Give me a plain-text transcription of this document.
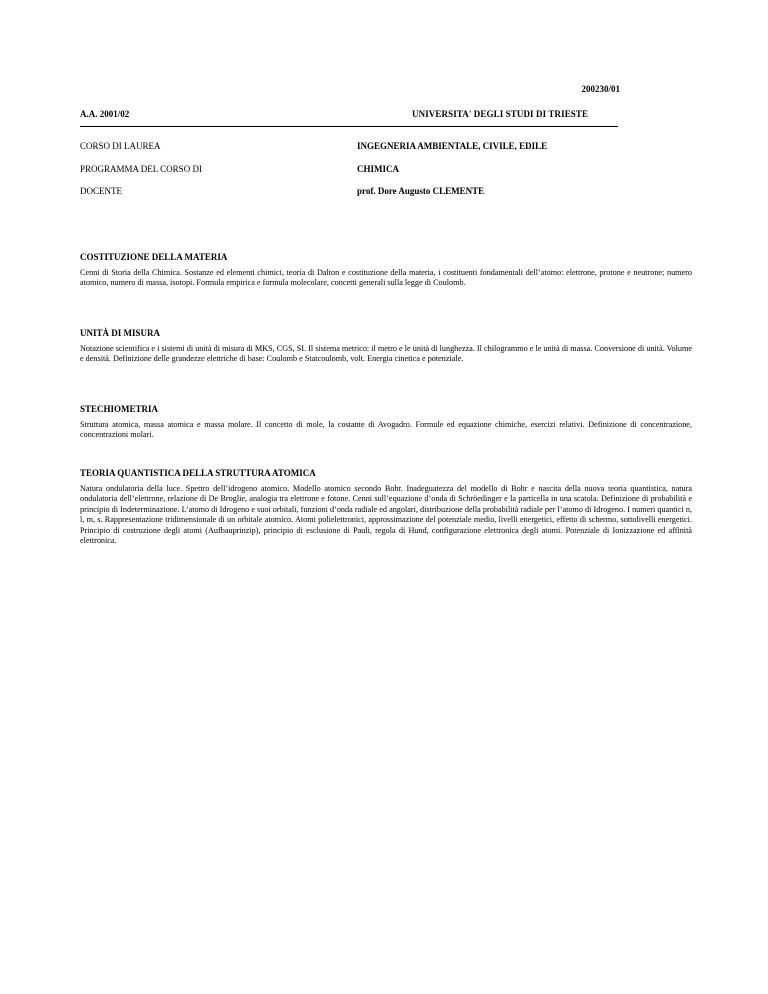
200230/01
A.A. 2001/02	UNIVERSITA' DEGLI STUDI DI TRIESTE
CORSO DI LAUREA	INGEGNERIA AMBIENTALE, CIVILE, EDILE
PROGRAMMA DEL CORSO DI	CHIMICA
DOCENTE	prof. Dore Augusto CLEMENTE
COSTITUZIONE DELLA MATERIA

Cenni di Storia della Chimica. Sostanze ed elementi chimici, teoria di Dalton e costituzione della materia, i costituenti fondamentali dell’atomo: elettrone, protone e neutrone; numero atomico, numero di massa, isotopi. Formula empirica e formula molecolare, concetti generali sulla legge di Coulomb.

UNITÀ DI MISURA

Notazione scientifica e i sistemi di unità di misura di MKS, CGS, SI. Il sistema metrico: il metro e le unità di lunghezza. Il chilogrammo e le unità di massa. Conversione di unità. Volume e densità. Definizione delle grandezze elettriche di base: Coulomb e Statcoulomb, volt. Energia cinetica e potenziale.

STECHIOMETRIA

Struttura atomica, massa atomica e massa molare. Il concetto di mole, la costante di Avogadro. Formule ed equazione chimiche, esercizi relativi. Definizione di concentrazione, concentrazioni molari.

TEORIA QUANTISTICA DELLA STRUTTURA ATOMICA

Natura ondulatoria della luce. Spettro dell’idrogeno atomico. Modello atomico secondo Bohr. Inadeguatezza del modello di Bohr e nascita della nuova teoria quantistica, natura ondulatoria dell’elettrone, relazione di De Broglie, analogia tra elettrone e fotone. Cenni sull’equazione d’onda di Schröedinger e la particella in una scatola. Definizione di probabilità e principio di Indeterminazione. L’atomo di Idrogeno e suoi orbitali, funzioni d’onda radiale ed angolari, distribuzione della probabilità radiale per l’atomo di Idrogeno. I numeri quantici n, l, m, s. Rappresentazione tridimensionale di un orbitale atomico. Atomi polielettronici, approssimazione del potenziale medio, livelli energetici, effetto di schermo, sottolivelli energetici. Principio di costruzione degli atomi (Aufbauprinzip), principio di esclusione di Pauli, regola di Hund, configurazione elettronica degli atomi. Potenziale di Ionizzazione ed affinità elettronica.
